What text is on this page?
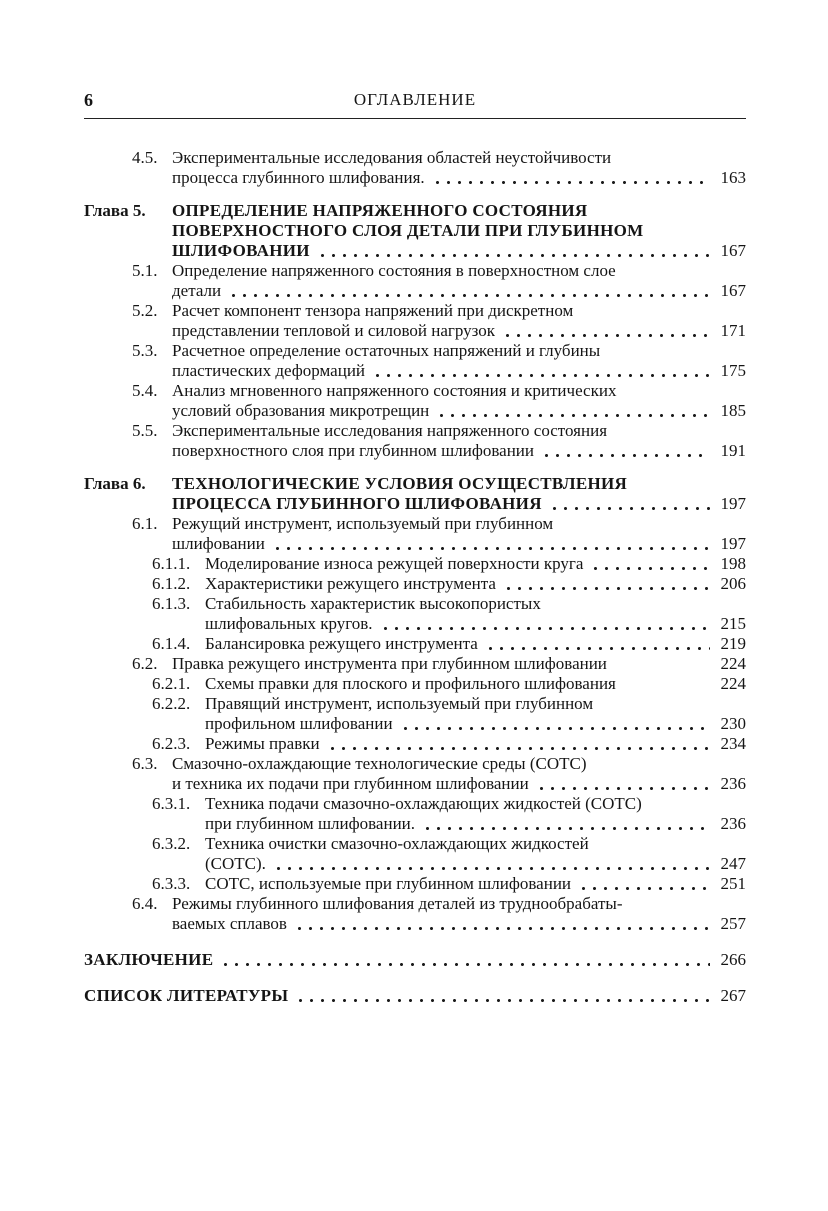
6	ОГЛАВЛЕНИЕ
4.5. Экспериментальные исследования областей неустойчивости
процесса глубинного шлифования.	163
Глава 5.	ОПРЕДЕЛЕНИЕ НАПРЯЖЕННОГО СОСТОЯНИЯ
ПОВЕРХНОСТНОГО СЛОЯ ДЕТАЛИ ПРИ ГЛУБИННОМ
ШЛИФОВАНИИ	167
5.1. Определение напряженного состояния в поверхностном слое
детали	167
5.2. Расчет компонент тензора напряжений при дискретном
представлении тепловой и силовой нагрузок	171
5.3. Расчетное определение остаточных напряжений и глубины
пластических деформаций	175
5.4. Анализ мгновенного напряженного состояния и критических
условий образования микротрещин	185
5.5. Экспериментальные исследования напряженного состояния
поверхностного слоя при глубинном шлифовании	191
Глава 6.	ТЕХНОЛОГИЧЕСКИЕ УСЛОВИЯ ОСУЩЕСТВЛЕНИЯ
ПРОЦЕССА ГЛУБИННОГО ШЛИФОВАНИЯ	197
6.1. Режущий инструмент, используемый при глубинном
шлифовании	197
6.1.1. Моделирование износа режущей поверхности круга	198
6.1.2. Характеристики режущего инструмента	206
6.1.3. Стабильность характеристик высокопористых
шлифовальных кругов.	215
6.1.4. Балансировка режущего инструмента	219
6.2. Правка режущего инструмента при глубинном шлифовании	224
6.2.1. Схемы правки для плоского и профильного шлифования	224
6.2.2. Правящий инструмент, используемый при глубинном
профильном шлифовании	230
6.2.3. Режимы правки	234
6.3. Смазочно-охлаждающие технологические среды (СОТС)
и техника их подачи при глубинном шлифовании	236
6.3.1. Техника подачи смазочно-охлаждающих жидкостей (СОТС)
при глубинном шлифовании.	236
6.3.2. Техника очистки смазочно-охлаждающих жидкостей
(СОТС).	247
6.3.3. СОТС, используемые при глубинном шлифовании	251
6.4. Режимы глубинного шлифования деталей из труднообрабаты-
ваемых сплавов	257
ЗАКЛЮЧЕНИЕ	266
СПИСОК ЛИТЕРАТУРЫ	267
